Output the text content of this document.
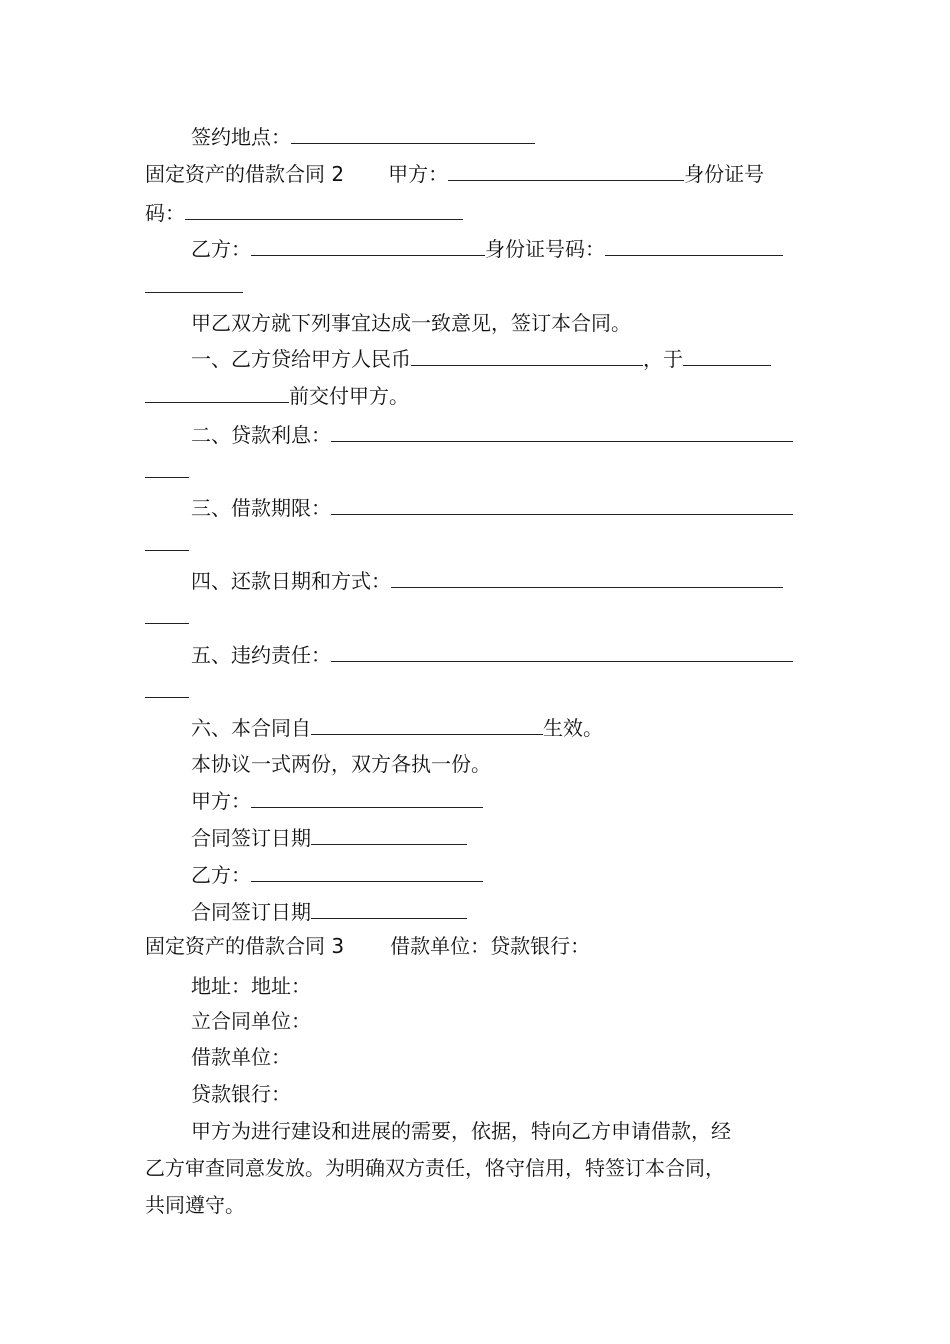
签约地点：
固定资产的借款合同 2 甲方：	身份证号
码：
乙方：	身份证号码：
甲乙双方就下列事宜达成一致意见，签订本合同。
一、乙方贷给甲方人民币	，于
前交付甲方。
二、贷款利息：
三、借款期限：
四、还款日期和方式：
五、违约责任：
六、本合同自	生效。
本协议一式两份，双方各执一份。
甲方：
合同签订日期
乙方：
合同签订日期
固定资产的借款合同 3 借款单位：贷款银行：
地址：地址：
立合同单位：
借款单位：
贷款银行：
甲方为进行建设和进展的需要，依据，特向乙方申请借款，经
乙方审查同意发放。为明确双方责任，恪守信用，特签订本合同，
共同遵守。
